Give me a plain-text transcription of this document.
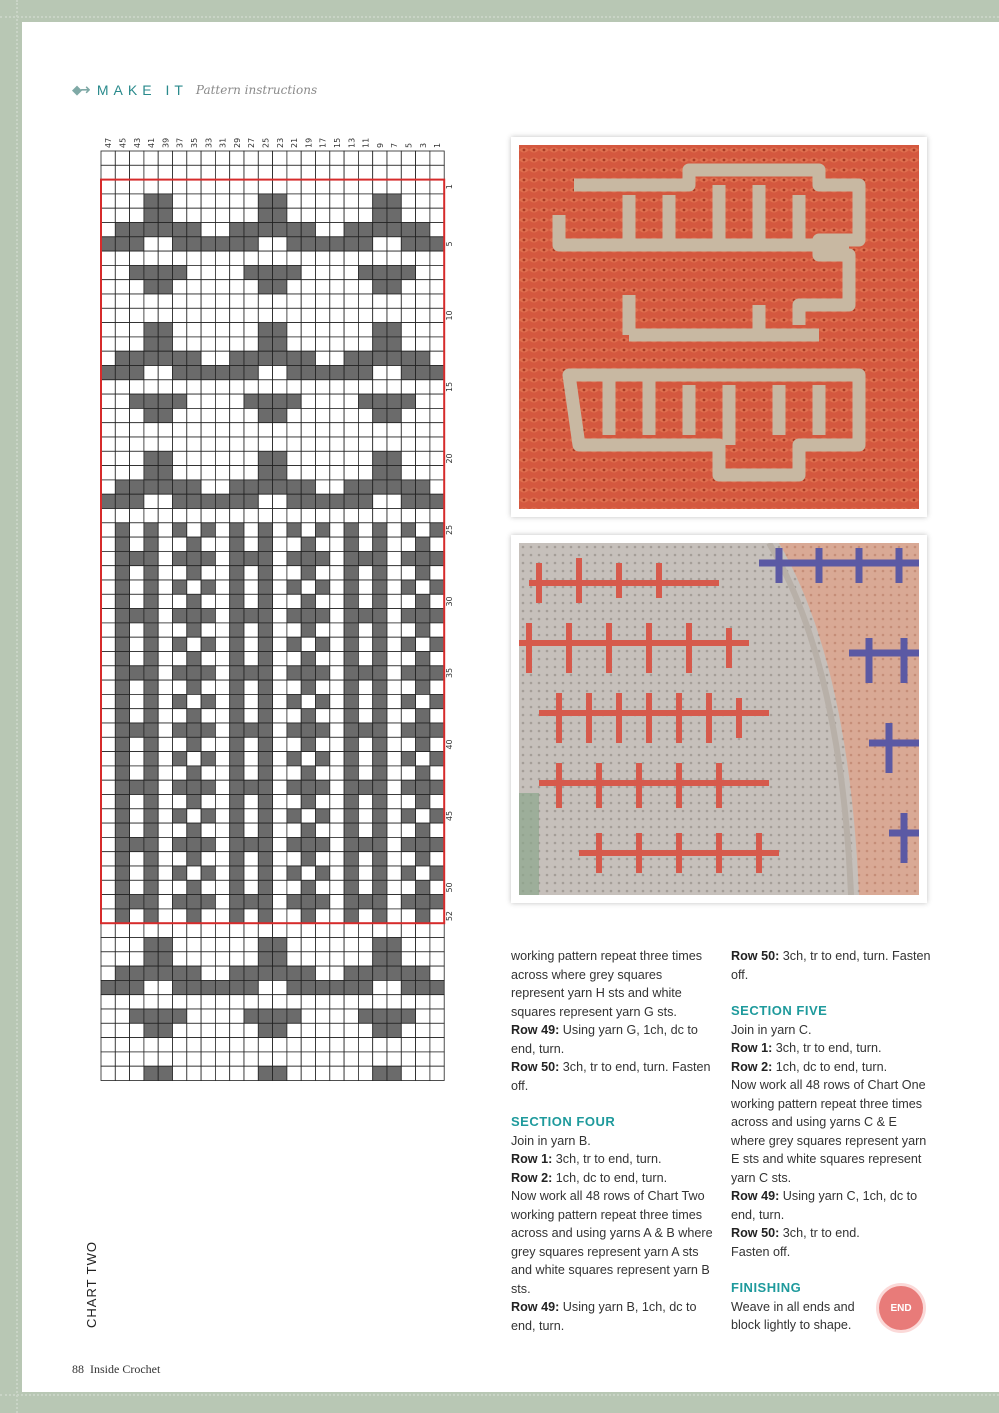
◆➜ MAKE IT Pattern instructions
47 45 43 41 39 37 35 33 31 29 27 25 23 21 19 17 15 13 11 9 7 5 3 1
1
5
10
15
20
25
30
35
40
45
50
52
CHART TWO

working pattern repeat three times across where grey squares represent yarn H sts and white squares represent yarn G sts.

Row 49: Using yarn G, 1ch, dc to end, turn.

Row 50: 3ch, tr to end, turn. Fasten off.

SECTION FOUR

Join in yarn B.

Row 1: 3ch, tr to end, turn.

Row 2: 1ch, dc to end, turn.

Now work all 48 rows of Chart Two working pattern repeat three times across and using yarns A & B where grey squares represent yarn A sts and white squares represent yarn B sts.

Row 49: Using yarn B, 1ch, dc to end, turn.

Row 50: 3ch, tr to end, turn. Fasten off.

SECTION FIVE

Join in yarn C.

Row 1: 3ch, tr to end, turn.

Row 2: 1ch, dc to end, turn.

Now work all 48 rows of Chart One working pattern repeat three times across and using yarns C & E where grey squares represent yarn E sts and white squares represent yarn C sts.

Row 49: Using yarn C, 1ch, dc to end, turn.

Row 50: 3ch, tr to end.

Fasten off.

FINISHING

Weave in all ends and block lightly to shape.

END
88 Inside Crochet
